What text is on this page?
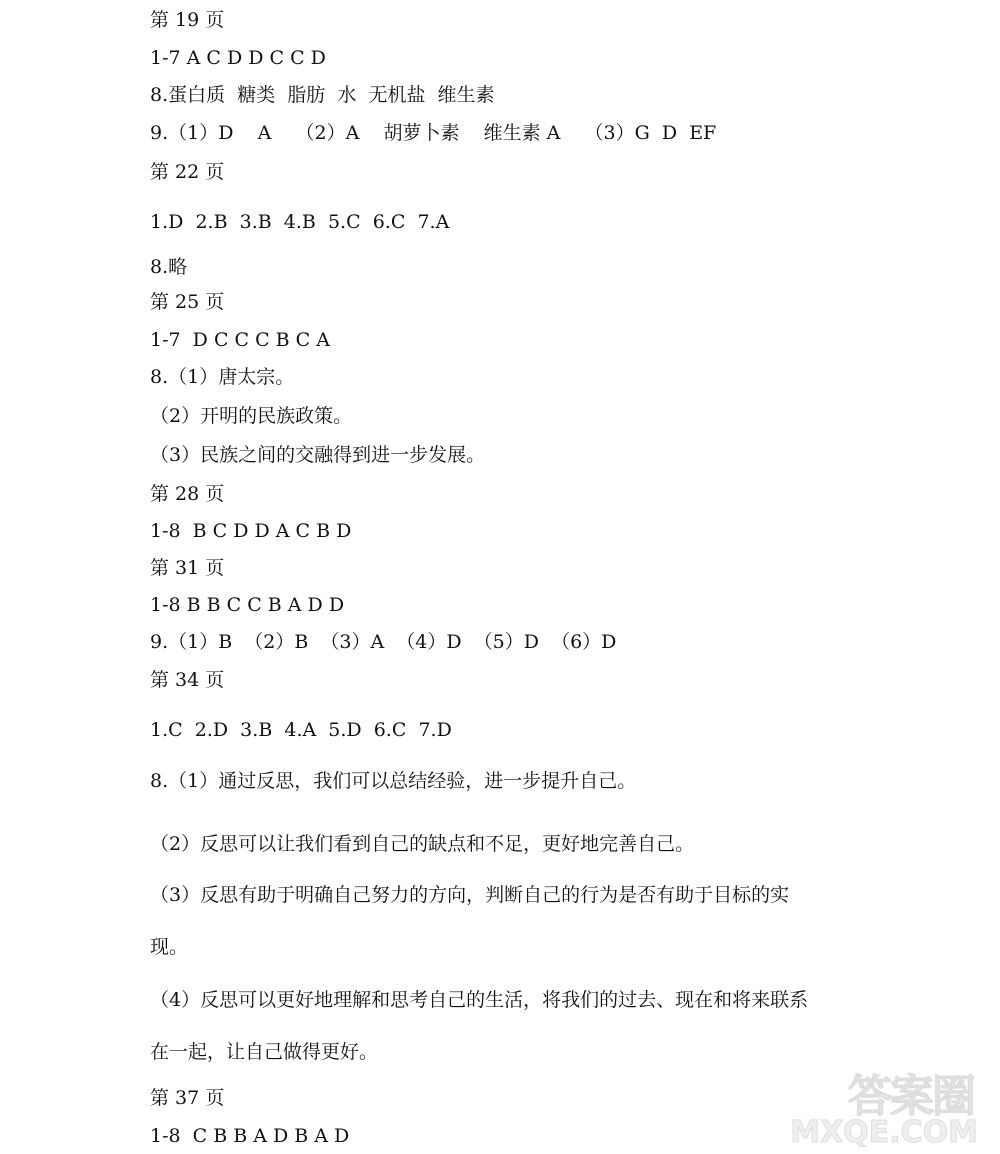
第 19 页

1-7 A C D D C C D

8.蛋白质  糖类  脂肪  水  无机盐  维生素

9.（1）D    A    （2）A    胡萝卜素    维生素 A    （3）G  D  EF

第 22 页

1.D  2.B  3.B  4.B  5.C  6.C  7.A

8.略

第 25 页

1-7  D C C C B C A

8.（1）唐太宗。

（2）开明的民族政策。

（3）民族之间的交融得到进一步发展。

第 28 页

1-8  B C D D A C B D

第 31 页

1-8 B B C C B A D D

9.（1）B  （2）B  （3）A  （4）D  （5）D  （6）D

第 34 页

1.C  2.D  3.B  4.A  5.D  6.C  7.D

8.（1）通过反思，我们可以总结经验，进一步提升自己。

（2）反思可以让我们看到自己的缺点和不足，更好地完善自己。

（3）反思有助于明确自己努力的方向，判断自己的行为是否有助于目标的实

现。

（4）反思可以更好地理解和思考自己的生活，将我们的过去、现在和将来联系

在一起，让自己做得更好。

第 37 页

1-8  C B B A D B A D

答案圈
MXQE.COM
